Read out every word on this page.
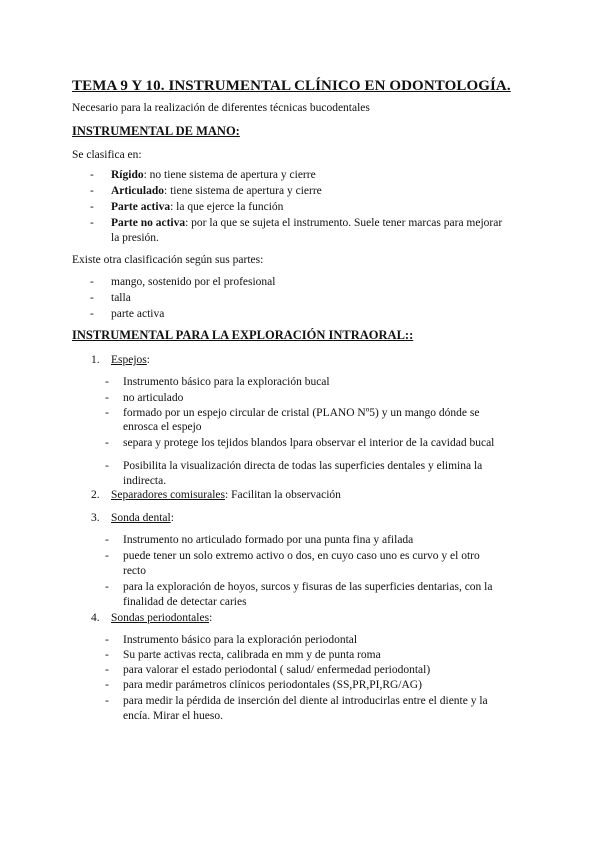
TEMA 9 Y 10. INSTRUMENTAL CLÍNICO EN ODONTOLOGÍA.
Necesario para la realización de diferentes técnicas bucodentales
INSTRUMENTAL DE MANO:
Se clasifica en:
- Rígido: no tiene sistema de apertura y cierre
- Articulado: tiene sistema de apertura y cierre
- Parte activa: la que ejerce la función
- Parte no activa: por la que se sujeta el instrumento. Suele tener marcas para mejorar
la presión.
Existe otra clasificación según sus partes:
- mango, sostenido por el profesional
- talla
- parte activa
INSTRUMENTAL PARA LA EXPLORACIÓN INTRAORAL::
1. Espejos:
- Instrumento básico para la exploración bucal
- no articulado
- formado por un espejo circular de cristal (PLANO Nº5) y un mango dónde se
enrosca el espejo
- separa y protege los tejidos blandos lpara observar el interior de la cavidad bucal
- Posibilita la visualización directa de todas las superficies dentales y elimina la
indirecta.
2. Separadores comisurales: Facilitan la observación
3. Sonda dental:
- Instrumento no articulado formado por una punta fina y afilada
- puede tener un solo extremo activo o dos, en cuyo caso uno es curvo y el otro
recto
- para la exploración de hoyos, surcos y fisuras de las superficies dentarias, con la
finalidad de detectar caries
4. Sondas periodontales:
- Instrumento básico para la exploración periodontal
- Su parte activas recta, calibrada en mm y de punta roma
- para valorar el estado periodontal ( salud/ enfermedad periodontal)
- para medir parámetros clínicos periodontales (SS,PR,PI,RG/AG)
- para medir la pérdida de inserción del diente al introducirlas entre el diente y la
encía. Mirar el hueso.
